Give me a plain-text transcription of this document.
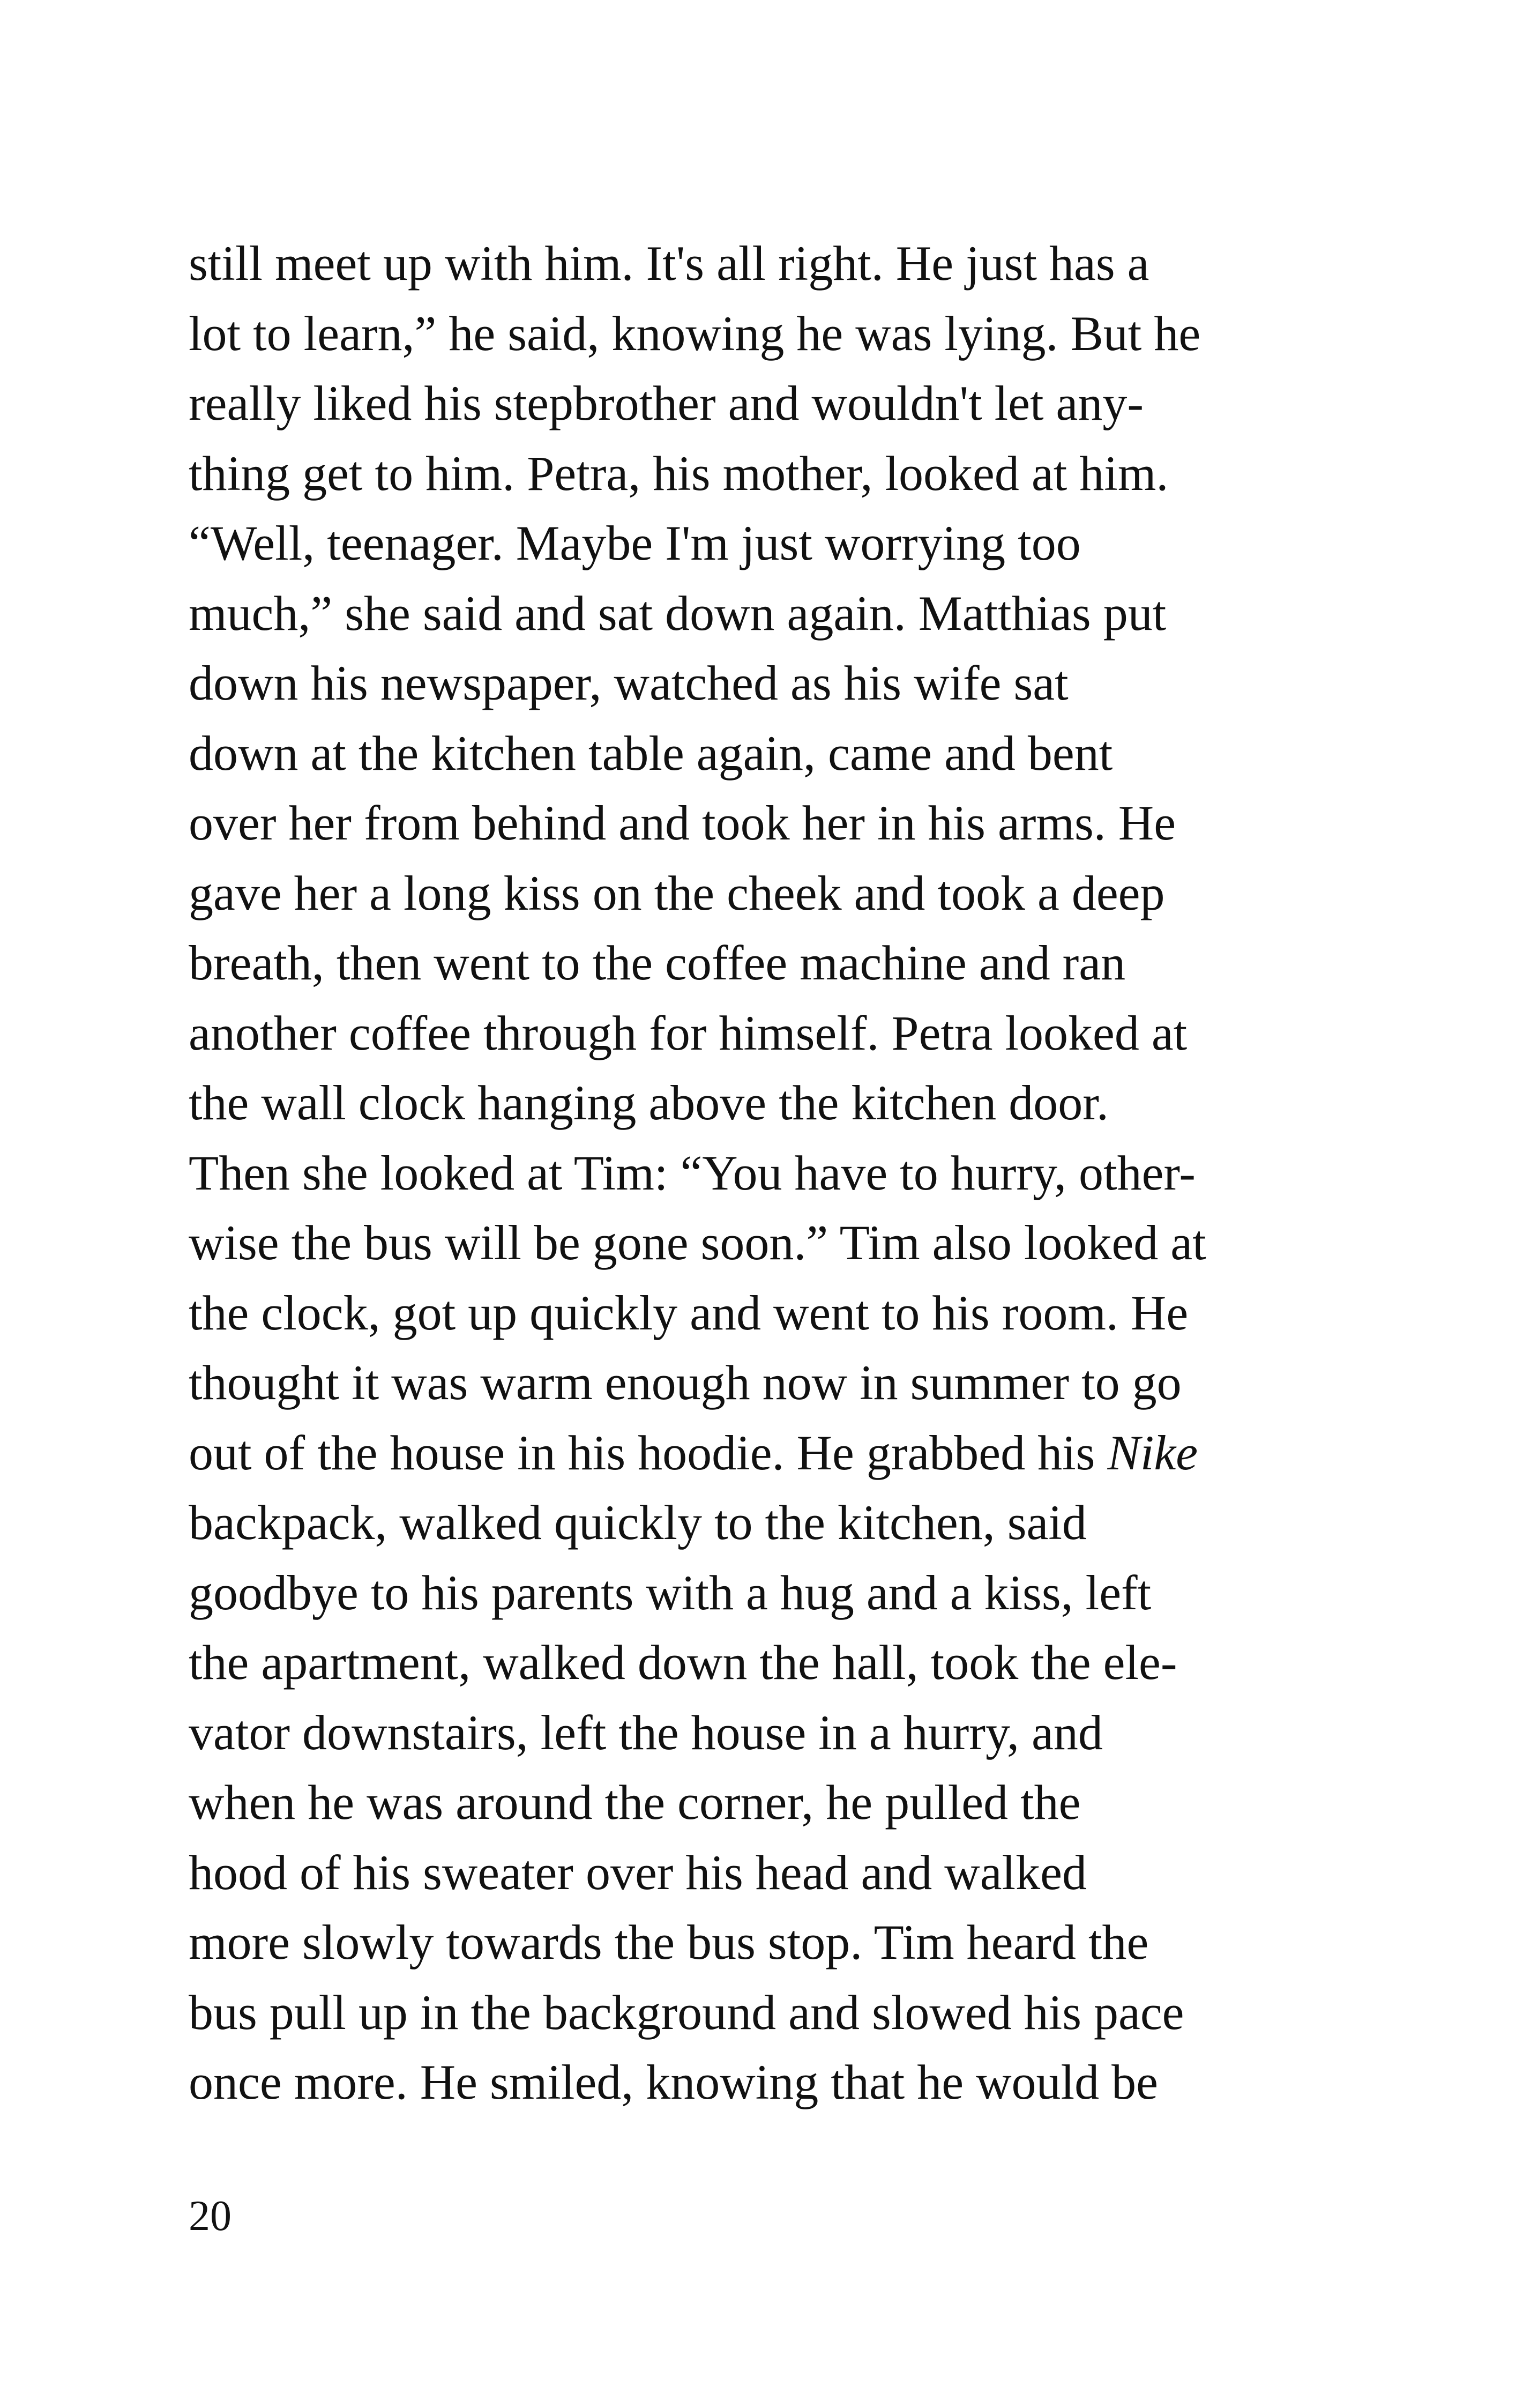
still meet up with him. It's all right. He just has a
lot to learn,” he said, knowing he was lying. But he
really liked his stepbrother and wouldn't let any-
thing get to him. Petra, his mother, looked at him.
“Well, teenager. Maybe I'm just worrying too
much,” she said and sat down again. Matthias put
down his newspaper, watched as his wife sat
down at the kitchen table again, came and bent
over her from behind and took her in his arms. He
gave her a long kiss on the cheek and took a deep
breath, then went to the coffee machine and ran
another coffee through for himself. Petra looked at
the wall clock hanging above the kitchen door.
Then she looked at Tim: “You have to hurry, other-
wise the bus will be gone soon.” Tim also looked at
the clock, got up quickly and went to his room. He
thought it was warm enough now in summer to go
out of the house in his hoodie. He grabbed his Nike
backpack, walked quickly to the kitchen, said
goodbye to his parents with a hug and a kiss, left
the apartment, walked down the hall, took the ele-
vator downstairs, left the house in a hurry, and
when he was around the corner, he pulled the
hood of his sweater over his head and walked
more slowly towards the bus stop. Tim heard the
bus pull up in the background and slowed his pace
once more. He smiled, knowing that he would be
20
